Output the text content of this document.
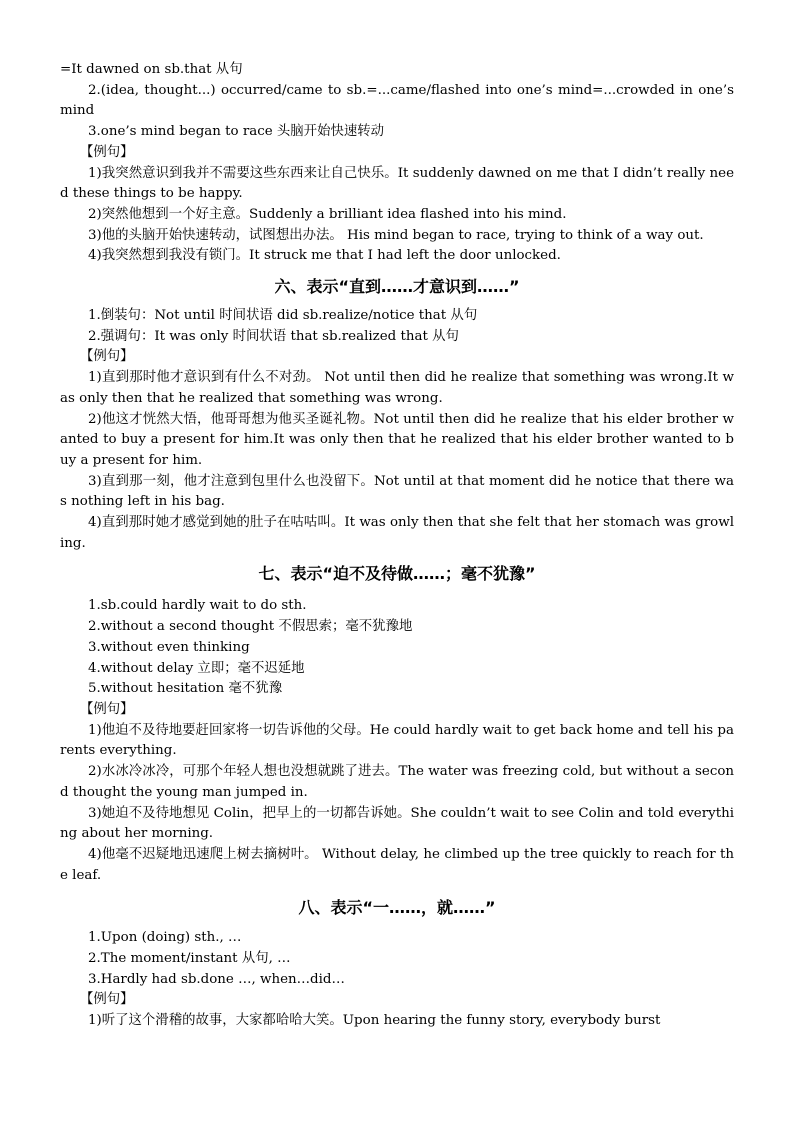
=It dawned on sb.that 从句

2.(idea, thought...) occurred/came to sb.=...came/flashed into one’s mind=...crowded in one’s mind

3.one’s mind began to race 头脑开始快速转动

【例句】

1)我突然意识到我并不需要这些东西来让自己快乐。It suddenly dawned on me that I didn’t really need these things to be happy.

2)突然他想到一个好主意。Suddenly a brilliant idea flashed into his mind.

3)他的头脑开始快速转动，试图想出办法。 His mind began to race, trying to think of a way out.

4)我突然想到我没有锁门。It struck me that I had left the door unlocked.

六、表示“直到……才意识到……”

1.倒装句：Not until 时间状语 did sb.realize/notice that 从句

2.强调句：It was only 时间状语 that sb.realized that 从句

【例句】

1)直到那时他才意识到有什么不对劲。 Not until then did he realize that something was wrong.It was only then that he realized that something was wrong.

2)他这才恍然大悟，他哥哥想为他买圣诞礼物。Not until then did he realize that his elder brother wanted to buy a present for him.It was only then that he realized that his elder brother wanted to buy a present for him.

3)直到那一刻，他才注意到包里什么也没留下。Not until at that moment did he notice that there was nothing left in his bag.

4)直到那时她才感觉到她的肚子在咕咕叫。It was only then that she felt that her stomach was growling.

七、表示“迫不及待做……；毫不犹豫”

1.sb.could hardly wait to do sth.

2.without a second thought 不假思索；毫不犹豫地

3.without even thinking

4.without delay 立即；毫不迟延地

5.without hesitation 毫不犹豫

【例句】

1)他迫不及待地要赶回家将一切告诉他的父母。He could hardly wait to get back home and tell his parents everything.

2)水冰冷冰冷，可那个年轻人想也没想就跳了进去。The water was freezing cold, but without a second thought the young man jumped in.

3)她迫不及待地想见 Colin，把早上的一切都告诉她。She couldn’t wait to see Colin and told everything about her morning.

4)他毫不迟疑地迅速爬上树去摘树叶。 Without delay, he climbed up the tree quickly to reach for the leaf.

八、表示“一……，就……”

1.Upon (doing) sth., …

2.The moment/instant 从句, …

3.Hardly had sb.done …, when…did…

【例句】

1)听了这个滑稽的故事，大家都哈哈大笑。Upon hearing the funny story, everybody burst
